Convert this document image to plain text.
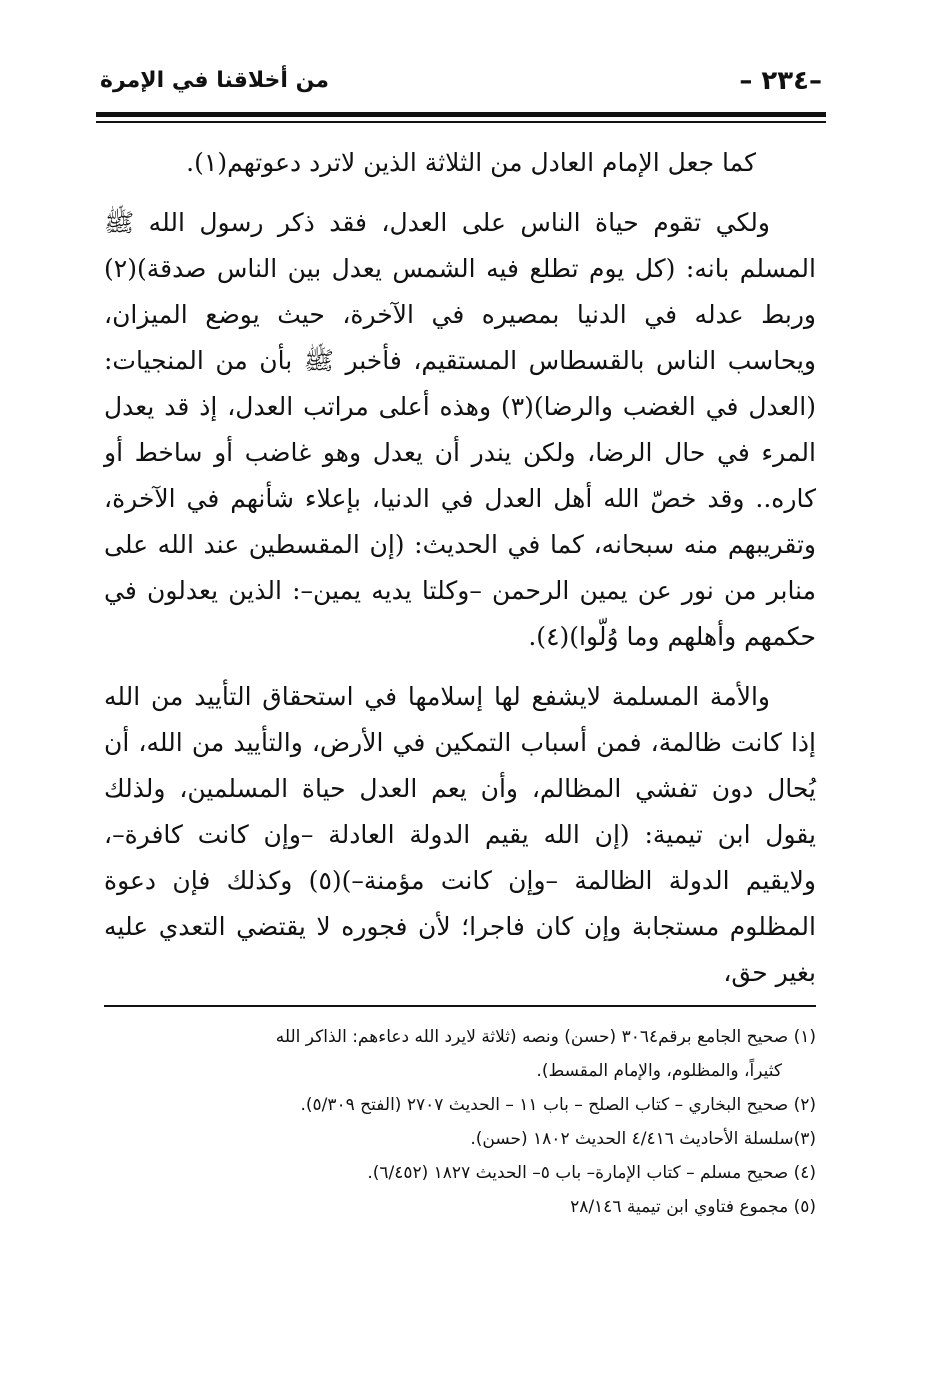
–٢٣٤ –
من أخلاقنا في الإمرة

كما جعل الإمام العادل من الثلاثة الذين لاترد دعوتهم(١).

ولكي تقوم حياة الناس على العدل، فقد ذكر رسول الله ﷺ المسلم بانه: (كل يوم تطلع فيه الشمس يعدل بين الناس صدقة)(٢) وربط عدله في الدنيا بمصيره في الآخرة، حيث يوضع الميزان، ويحاسب الناس بالقسطاس المستقيم، فأخبر ﷺ بأن من المنجيات: (العدل في الغضب والرضا)(٣) وهذه أعلى مراتب العدل، إذ قد يعدل المرء في حال الرضا، ولكن يندر أن يعدل وهو غاضب أو ساخط أو كاره.. وقد خصّ الله أهل العدل في الدنيا، بإعلاء شأنهم في الآخرة، وتقريبهم منه سبحانه، كما في الحديث: (إن المقسطين عند الله على منابر من نور عن يمين الرحمن –وكلتا يديه يمين–: الذين يعدلون في حكمهم وأهلهم وما وُلّوا)(٤).

والأمة المسلمة لايشفع لها إسلامها في استحقاق التأييد من الله إذا كانت ظالمة، فمن أسباب التمكين في الأرض، والتأييد من الله، أن يُحال دون تفشي المظالم، وأن يعم العدل حياة المسلمين، ولذلك يقول ابن تيمية: (إن الله يقيم الدولة العادلة –وإن كانت كافرة–، ولايقيم الدولة الظالمة –وإن كانت مؤمنة–)(٥) وكذلك فإن دعوة المظلوم مستجابة وإن كان فاجرا؛ لأن فجوره لا يقتضي التعدي عليه بغير حق،

(١) صحيح الجامع برقم٣٠٦٤ (حسن) ونصه (ثلاثة لايرد الله دعاءهم: الذاكر الله
كثيراً، والمظلوم، والإمام المقسط).

(٢) صحيح البخاري – كتاب الصلح – باب ١١ – الحديث ٢٧٠٧ (الفتح ٥/٣٠٩).

(٣)سلسلة الأحاديث ٤/٤١٦ الحديث ١٨٠٢ (حسن).

(٤) صحيح مسلم – كتاب الإمارة– باب ٥– الحديث ١٨٢٧ (٦/٤٥٢).

(٥) مجموع فتاوي ابن تيمية ٢٨/١٤٦
